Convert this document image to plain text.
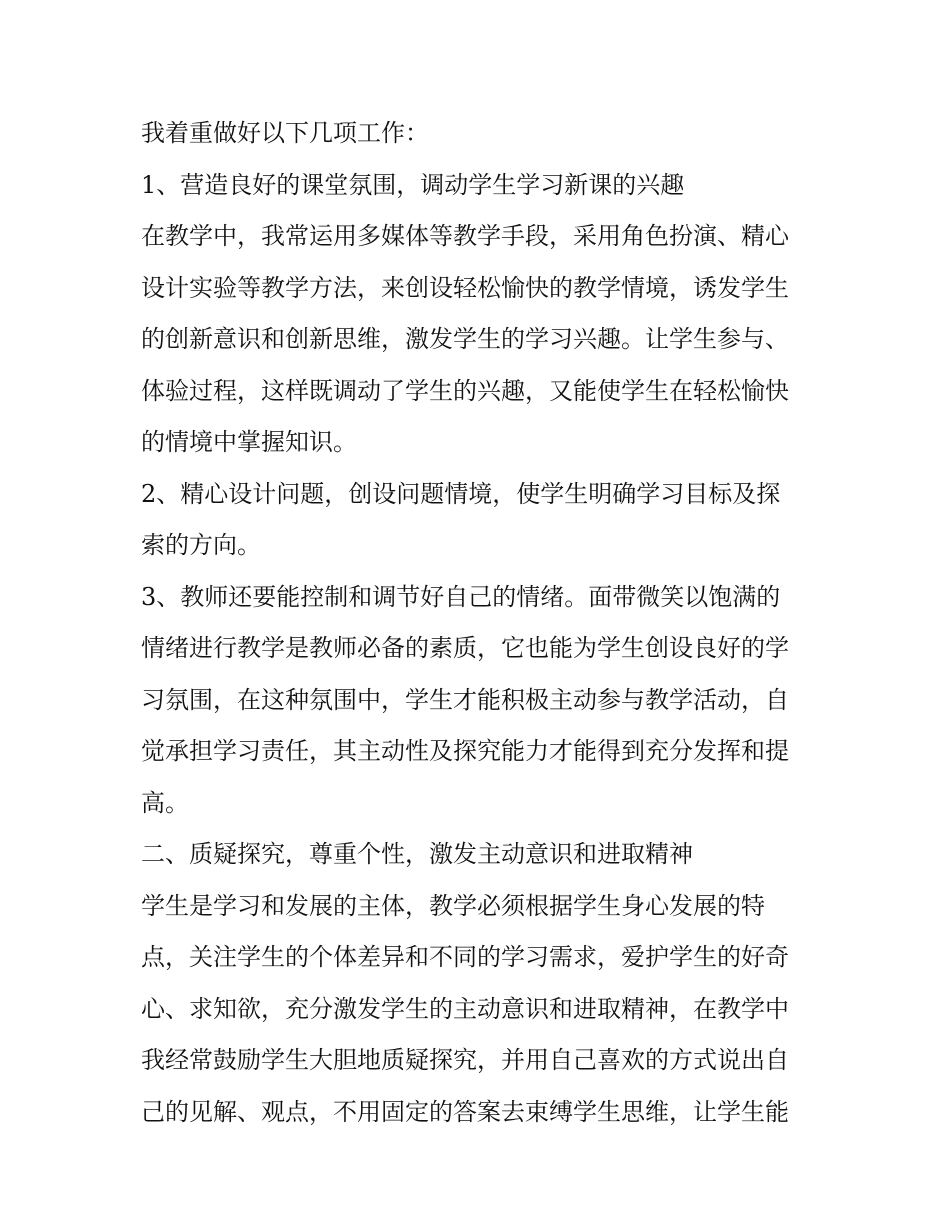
我着重做好以下几项工作：
1、营造良好的课堂氛围，调动学生学习新课的兴趣
在教学中，我常运用多媒体等教学手段，采用角色扮演、精心
设计实验等教学方法，来创设轻松愉快的教学情境，诱发学生
的创新意识和创新思维，激发学生的学习兴趣。让学生参与、
体验过程，这样既调动了学生的兴趣，又能使学生在轻松愉快
的情境中掌握知识。
2、精心设计问题，创设问题情境，使学生明确学习目标及探
索的方向。
3、教师还要能控制和调节好自己的情绪。面带微笑以饱满的
情绪进行教学是教师必备的素质，它也能为学生创设良好的学
习氛围，在这种氛围中，学生才能积极主动参与教学活动，自
觉承担学习责任，其主动性及探究能力才能得到充分发挥和提
高。
二、质疑探究，尊重个性，激发主动意识和进取精神
学生是学习和发展的主体，教学必须根据学生身心发展的特
点，关注学生的个体差异和不同的学习需求，爱护学生的好奇
心、求知欲，充分激发学生的主动意识和进取精神，在教学中
我经常鼓励学生大胆地质疑探究，并用自己喜欢的方式说出自
己的见解、观点，不用固定的答案去束缚学生思维，让学生能
